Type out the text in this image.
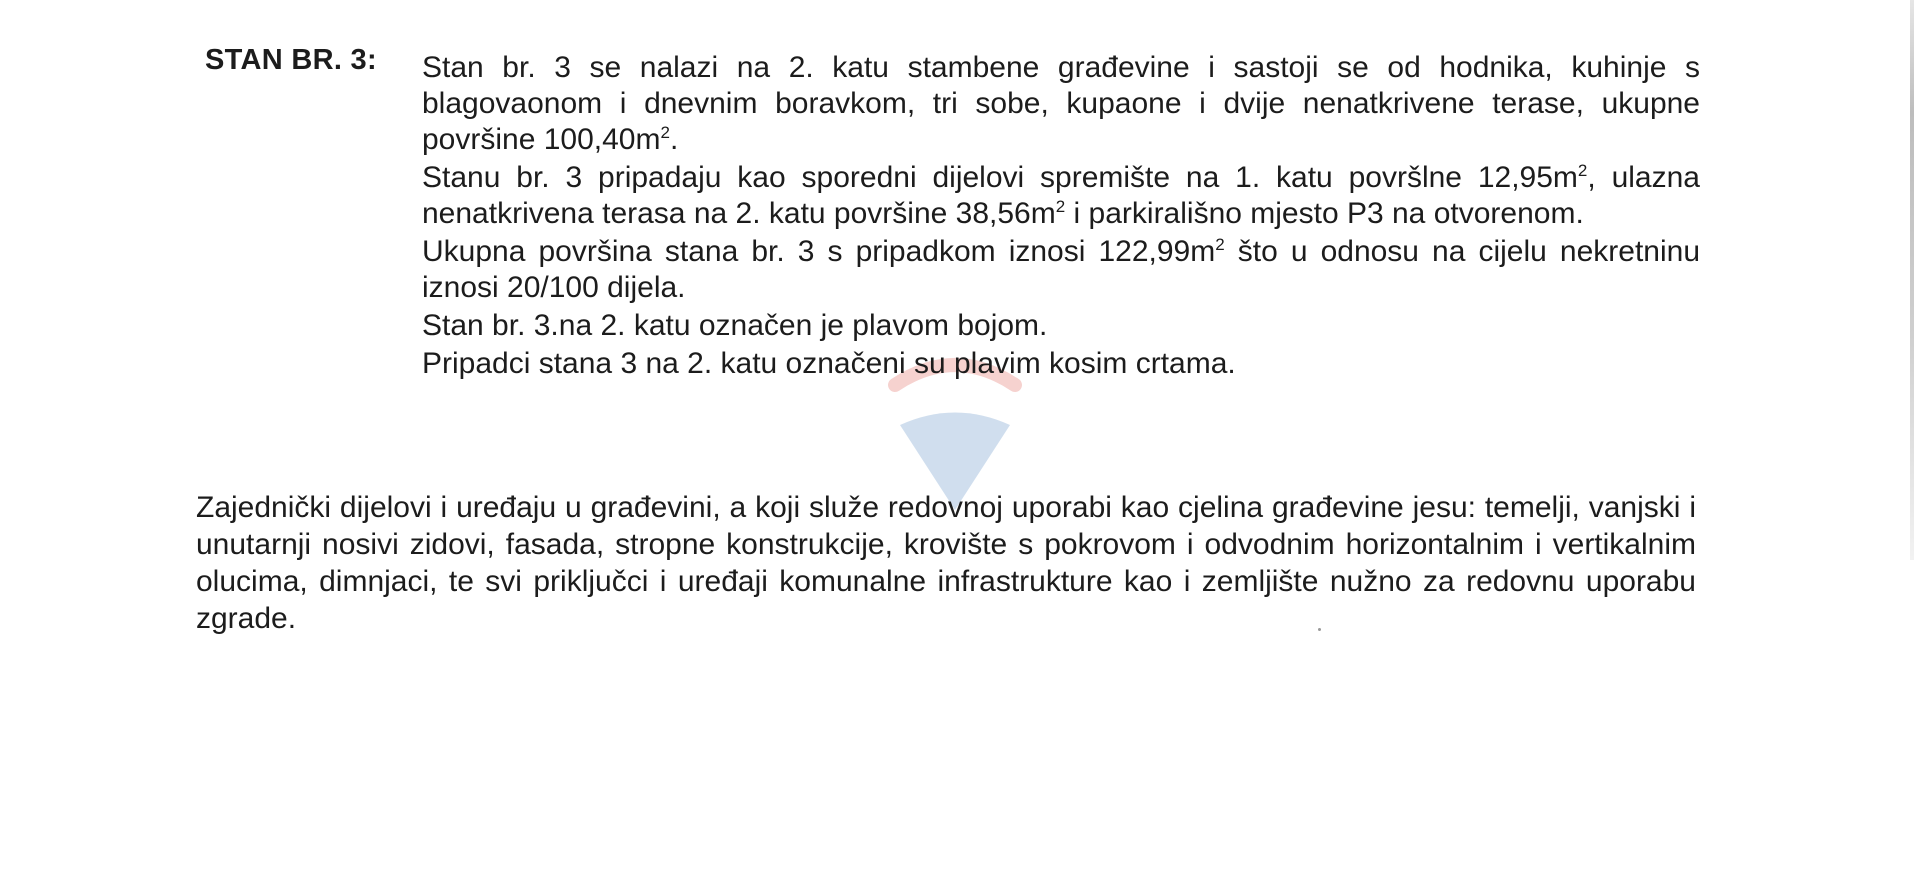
STAN BR. 3: Stan br. 3 se nalazi na 2. katu stambene građevine i sastoji se od hodnika, kuhinje s blagovaonom i dnevnim boravkom, tri sobe, kupaone i dvije nenatkrivene terase, ukupne površine $100,40m^2$.

Stanu br. 3 pripadaju kao sporedni dijelovi spremište na 1. katu površlne $12,95m^2$, ulazna nenatkrivena terasa na 2. katu površine $38,56m^2$ i parkirališno mjesto P3 na otvorenom.

Ukupna površina stana br. 3 s pripadkom iznosi $122,99m^2$ što u odnosu na cijelu nekretninu iznosi 20/100 dijela.

Stan br. 3.na 2. katu označen je plavom bojom.

Pripadci stana 3 na 2. katu označeni su plavim kosim crtama.

Zajednički dijelovi i uređaju u građevini, a koji služe redovnoj uporabi kao cjelina građevine jesu: temelji, vanjski i unutarnji nosivi zidovi, fasada, stropne konstrukcije, krovište s pokrovom i odvodnim horizontalnim i vertikalnim olucima, dimnjaci, te svi priključci i uređaji komunalne infrastrukture kao i zemljište nužno za redovnu uporabu zgrade.
